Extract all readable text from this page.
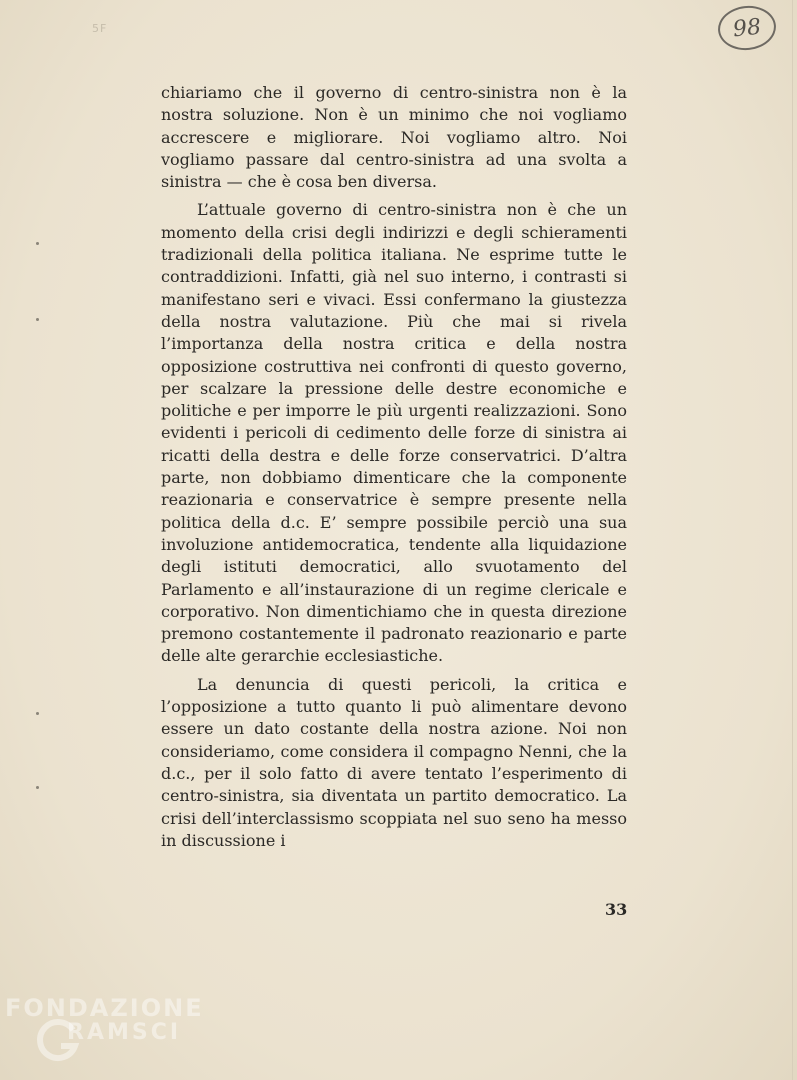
5F	98

chiariamo che il governo di centro-sinistra non è la nostra soluzione. Non è un minimo che noi vogliamo accrescere e migliorare. Noi vogliamo altro. Noi vogliamo passare dal centro-sinistra ad una svolta a sinistra — che è cosa ben diversa.

L’attuale governo di centro-sinistra non è che un momento della crisi degli indirizzi e degli schieramenti tradizionali della politica italiana. Ne esprime tutte le contraddizioni. Infatti, già nel suo interno, i contrasti si manifestano seri e vivaci. Essi confermano la giustezza della nostra valutazione. Più che mai si rivela l’importanza della nostra critica e della nostra opposizione costruttiva nei confronti di questo governo, per scalzare la pressione delle destre economiche e politiche e per imporre le più urgenti realizzazioni. Sono evidenti i pericoli di cedimento delle forze di sinistra ai ricatti della destra e delle forze conservatrici. D’altra parte, non dobbiamo dimenticare che la componente reazionaria e conservatrice è sempre presente nella politica della d.c. E’ sempre possibile perciò una sua involuzione antidemocratica, tendente alla liquidazione degli istituti democratici, allo svuotamento del Parlamento e all’instaurazione di un regime clericale e corporativo. Non dimentichiamo che in questa direzione premono costantemente il padronato reazionario e parte delle alte gerarchie ecclesiastiche.

La denuncia di questi pericoli, la critica e l’opposizione a tutto quanto li può alimentare devono essere un dato costante della nostra azione. Noi non consideriamo, come considera il compagno Nenni, che la d.c., per il solo fatto di avere tentato l’esperimento di centro-sinistra, sia diventata un partito democratico. La crisi dell’interclassismo scoppiata nel suo seno ha messo in discussione i

33
FONDAZIONE
RAMSCI
